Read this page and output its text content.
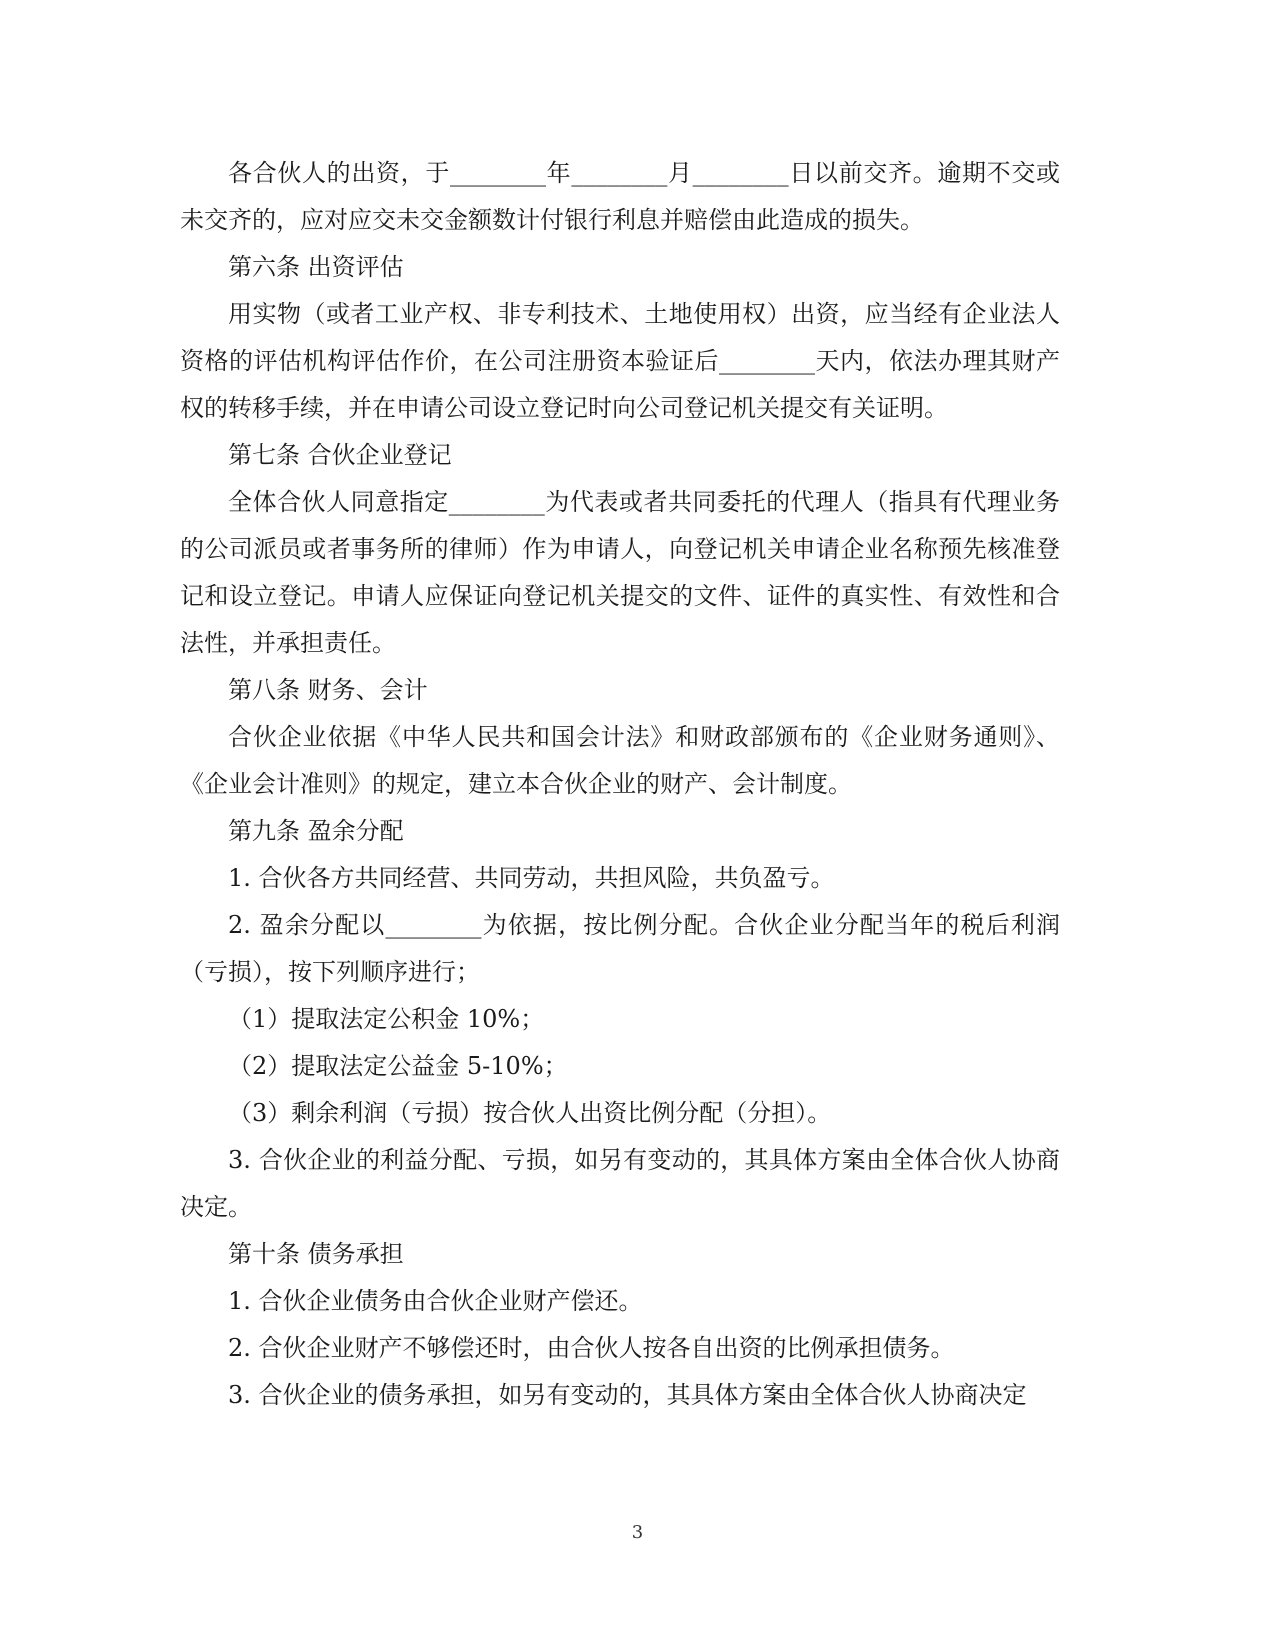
各合伙人的出资，于________年________月________日以前交齐。逾期不交或未交齐的，应对应交未交金额数计付银行利息并赔偿由此造成的损失。

第六条 出资评估

用实物（或者工业产权、非专利技术、土地使用权）出资，应当经有企业法人资格的评估机构评估作价，在公司注册资本验证后________天内，依法办理其财产权的转移手续，并在申请公司设立登记时向公司登记机关提交有关证明。

第七条 合伙企业登记

全体合伙人同意指定________为代表或者共同委托的代理人（指具有代理业务的公司派员或者事务所的律师）作为申请人，向登记机关申请企业名称预先核准登记和设立登记。申请人应保证向登记机关提交的文件、证件的真实性、有效性和合法性，并承担责任。

第八条 财务、会计

合伙企业依据《中华人民共和国会计法》和财政部颁布的《企业财务通则》、《企业会计准则》的规定，建立本合伙企业的财产、会计制度。

第九条 盈余分配

1. 合伙各方共同经营、共同劳动，共担风险，共负盈亏。

2. 盈余分配以________为依据，按比例分配。合伙企业分配当年的税后利润（亏损），按下列顺序进行；

（1）提取法定公积金 10%；

（2）提取法定公益金 5-10%；

（3）剩余利润（亏损）按合伙人出资比例分配（分担）。

3. 合伙企业的利益分配、亏损，如另有变动的，其具体方案由全体合伙人协商决定。

第十条 债务承担

1. 合伙企业债务由合伙企业财产偿还。

2. 合伙企业财产不够偿还时，由合伙人按各自出资的比例承担债务。

3. 合伙企业的债务承担，如另有变动的，其具体方案由全体合伙人协商决定

3
